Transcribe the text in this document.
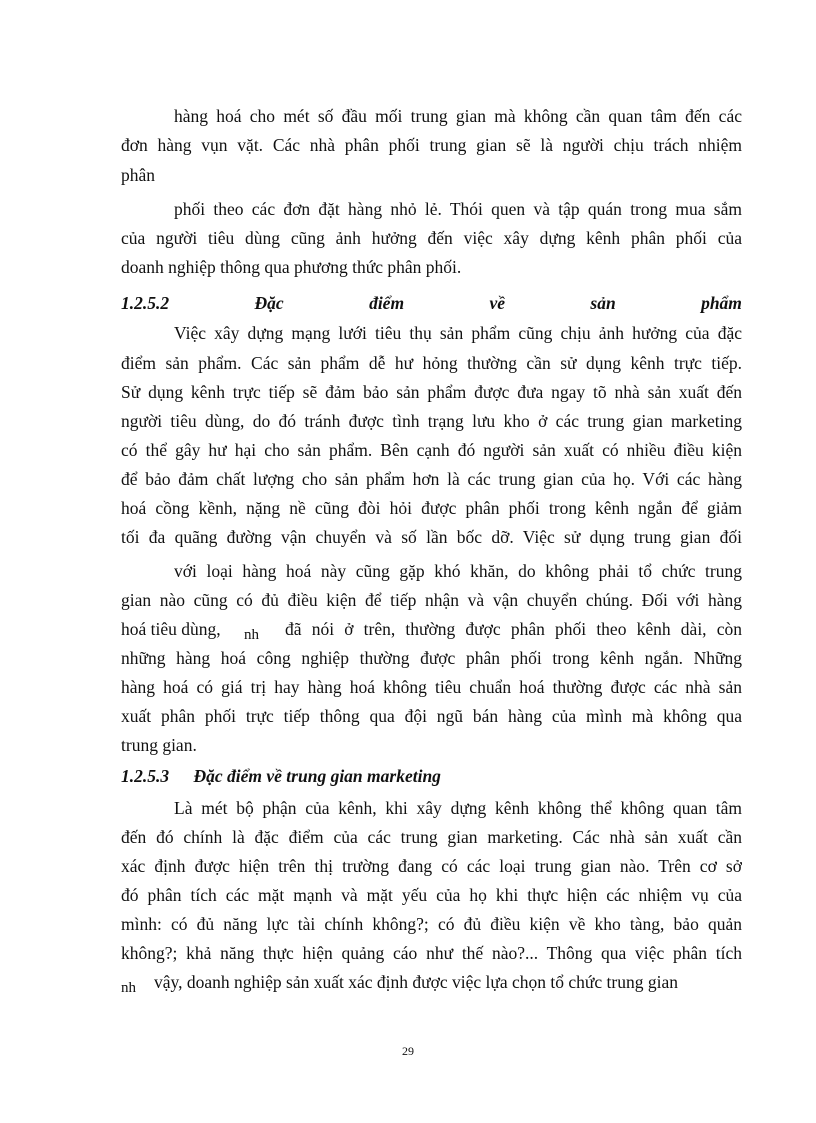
hàng hoá cho mét số đầu mối trung gian mà không cần quan tâm đến các
đơn hàng vụn vặt. Các nhà phân phối trung gian sẽ là người chịu trách nhiệm
phân
phối theo các đơn đặt hàng nhỏ lẻ. Thói quen và tập quán trong mua sắm
của người tiêu dùng cũng ảnh hưởng đến việc xây dựng kênh phân phối của
doanh nghiệp thông qua phương thức phân phối.
1.2.5.2	Đặc	điểm	về	sản	phẩm
Việc xây dựng mạng lưới tiêu thụ sản phẩm cũng chịu ảnh hưởng của đặc
điểm sản phẩm. Các sản phẩm dễ hư hỏng thường cần sử dụng kênh trực tiếp.
Sử dụng kênh trực tiếp sẽ đảm bảo sản phẩm được đưa ngay tõ nhà sản xuất đến
người tiêu dùng, do đó tránh được tình trạng lưu kho ở các trung gian marketing
có thể gây hư hại cho sản phẩm. Bên cạnh đó người sản xuất có nhiều điều kiện
để bảo đảm chất lượng cho sản phẩm hơn là các trung gian của họ. Với các hàng
hoá cồng kềnh, nặng nề cũng đòi hỏi được phân phối trong kênh ngắn để giảm
tối đa quãng đường vận chuyển và số lần bốc dỡ. Việc sử dụng trung gian đối
với loại hàng hoá này cũng gặp khó khăn, do không phải tổ chức trung
gian nào cũng có đủ điều kiện để tiếp nhận và vận chuyển chúng. Đối với hàng
hoá tiêu dùng, nh đã nói ở trên, thường được phân phối theo kênh dài, còn
những hàng hoá công nghiệp thường được phân phối trong kênh ngắn. Những
hàng hoá có giá trị hay hàng hoá không tiêu chuẩn hoá thường được các nhà sản
xuất phân phối trực tiếp thông qua đội ngũ bán hàng của mình mà không qua
trung gian.
1.2.5.3 Đặc điểm về trung gian marketing
Là mét bộ phận của kênh, khi xây dựng kênh không thể không quan tâm
đến đó chính là đặc điểm của các trung gian marketing. Các nhà sản xuất cần
xác định được hiện trên thị trường đang có các loại trung gian nào. Trên cơ sở
đó phân tích các mặt mạnh và mặt yếu của họ khi thực hiện các nhiệm vụ của
mình: có đủ năng lực tài chính không?; có đủ điều kiện về kho tàng, bảo quản
không?; khả năng thực hiện quảng cáo như thế nào?... Thông qua việc phân tích
nh vậy, doanh nghiệp sản xuất xác định được việc lựa chọn tổ chức trung gian
29
